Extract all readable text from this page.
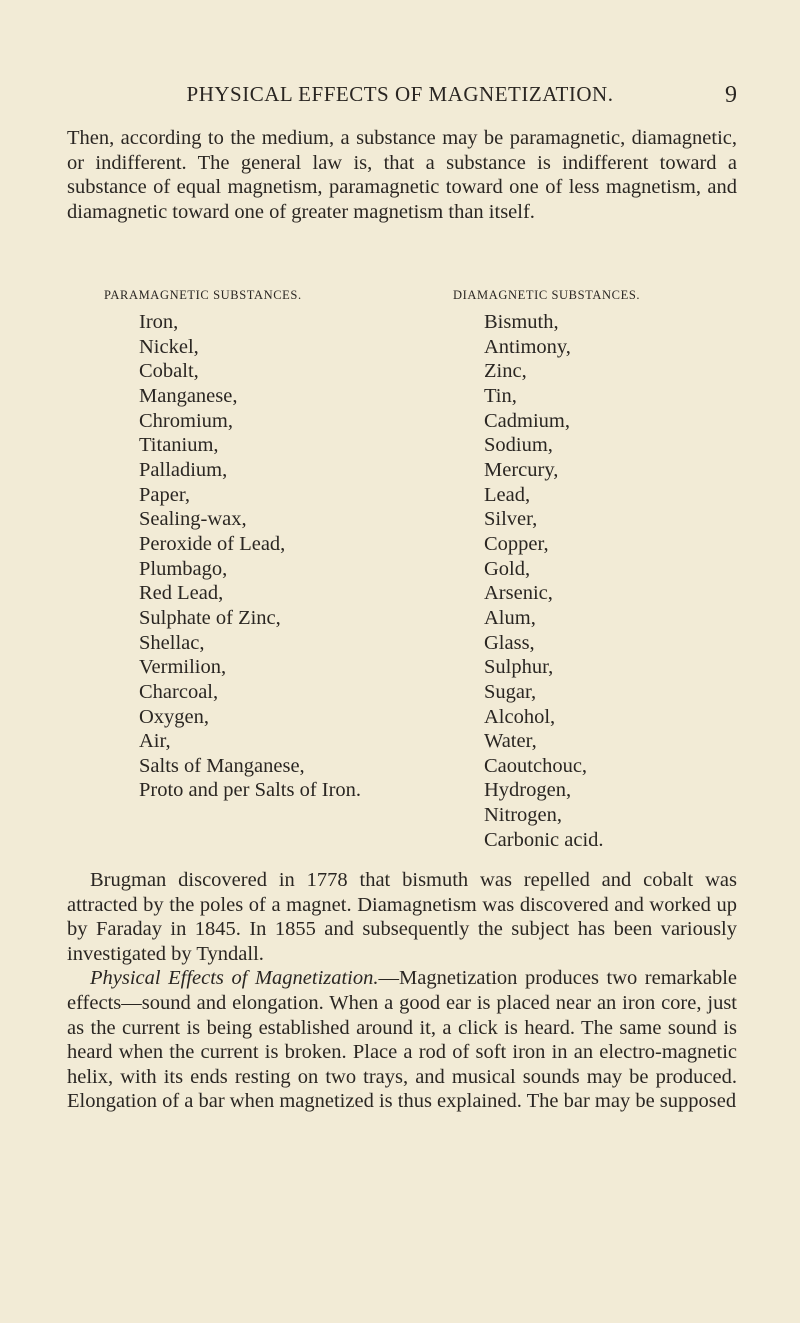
PHYSICAL EFFECTS OF MAGNETIZATION.	9

Then, according to the medium, a substance may be paramagnetic, diamagnetic, or indifferent. The general law is, that a substance is indifferent toward a substance of equal magnetism, paramagnetic toward one of less magnetism, and diamagnetic toward one of greater magnetism than itself.

PARAMAGNETIC SUBSTANCES.	DIAMAGNETIC SUBSTANCES.
Iron,
Nickel,
Cobalt,
Manganese,
Chromium,
Titanium,
Palladium,
Paper,
Sealing-wax,
Peroxide of Lead,
Plumbago,
Red Lead,
Sulphate of Zinc,
Shellac,
Vermilion,
Charcoal,
Oxygen,
Air,
Salts of Manganese,
Proto and per Salts of Iron.
Bismuth,
Antimony,
Zinc,
Tin,
Cadmium,
Sodium,
Mercury,
Lead,
Silver,
Copper,
Gold,
Arsenic,
Alum,
Glass,
Sulphur,
Sugar,
Alcohol,
Water,
Caoutchouc,
Hydrogen,
Nitrogen,
Carbonic acid.
Brugman discovered in 1778 that bismuth was repelled and cobalt was attracted by the poles of a magnet. Diamagnetism was discovered and worked up by Faraday in 1845. In 1855 and subsequently the subject has been variously investigated by Tyndall.
Physical Effects of Magnetization.—Magnetization produces two remarkable effects—sound and elongation. When a good ear is placed near an iron core, just as the current is being established around it, a click is heard. The same sound is heard when the current is broken. Place a rod of soft iron in an electro-magnetic helix, with its ends resting on two trays, and musical sounds may be produced. Elongation of a bar when magnetized is thus explained. The bar may be supposed
